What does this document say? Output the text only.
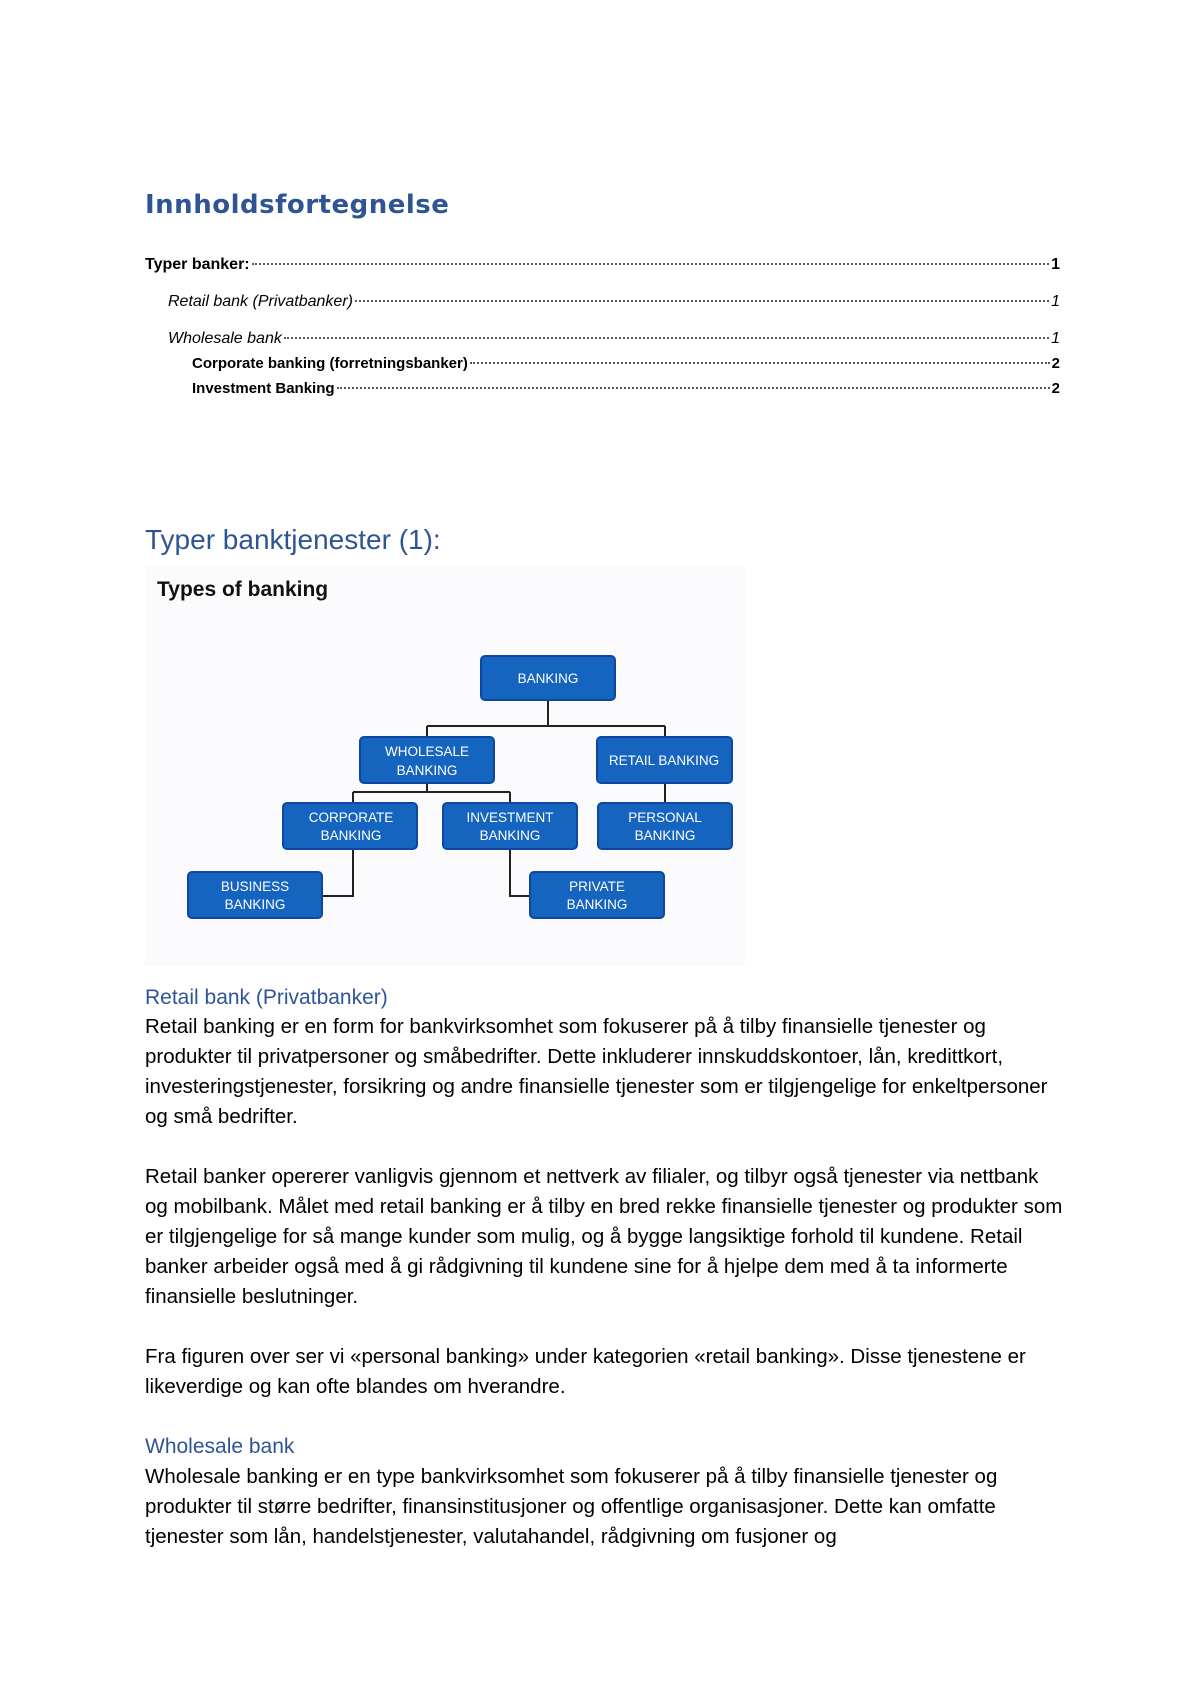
Innholdsfortegnelse
Typer banker:	1
Retail bank (Privatbanker)	1
Wholesale bank	1
Corporate banking (forretningsbanker)	2
Investment Banking	2
Typer banktjenester (1):
Types of banking
BANKING
WHOLESALE
BANKING
RETAIL BANKING
CORPORATE
BANKING
INVESTMENT
BANKING
PERSONAL
BANKING
BUSINESS
BANKING
PRIVATE
BANKING
Retail bank (Privatbanker)
Retail banking er en form for bankvirksomhet som fokuserer på å tilby finansielle tjenester og produkter til privatpersoner og småbedrifter. Dette inkluderer innskuddskontoer, lån, kredittkort, investeringstjenester, forsikring og andre finansielle tjenester som er tilgjengelige for enkeltpersoner og små bedrifter.
Retail banker opererer vanligvis gjennom et nettverk av filialer, og tilbyr også tjenester via nettbank og mobilbank. Målet med retail banking er å tilby en bred rekke finansielle tjenester og produkter som er tilgjengelige for så mange kunder som mulig, og å bygge langsiktige forhold til kundene. Retail banker arbeider også med å gi rådgivning til kundene sine for å hjelpe dem med å ta informerte finansielle beslutninger.
Fra figuren over ser vi «personal banking» under kategorien «retail banking». Disse tjenestene er likeverdige og kan ofte blandes om hverandre.
Wholesale bank
Wholesale banking er en type bankvirksomhet som fokuserer på å tilby finansielle tjenester og produkter til større bedrifter, finansinstitusjoner og offentlige organisasjoner. Dette kan omfatte tjenester som lån, handelstjenester, valutahandel, rådgivning om fusjoner og
